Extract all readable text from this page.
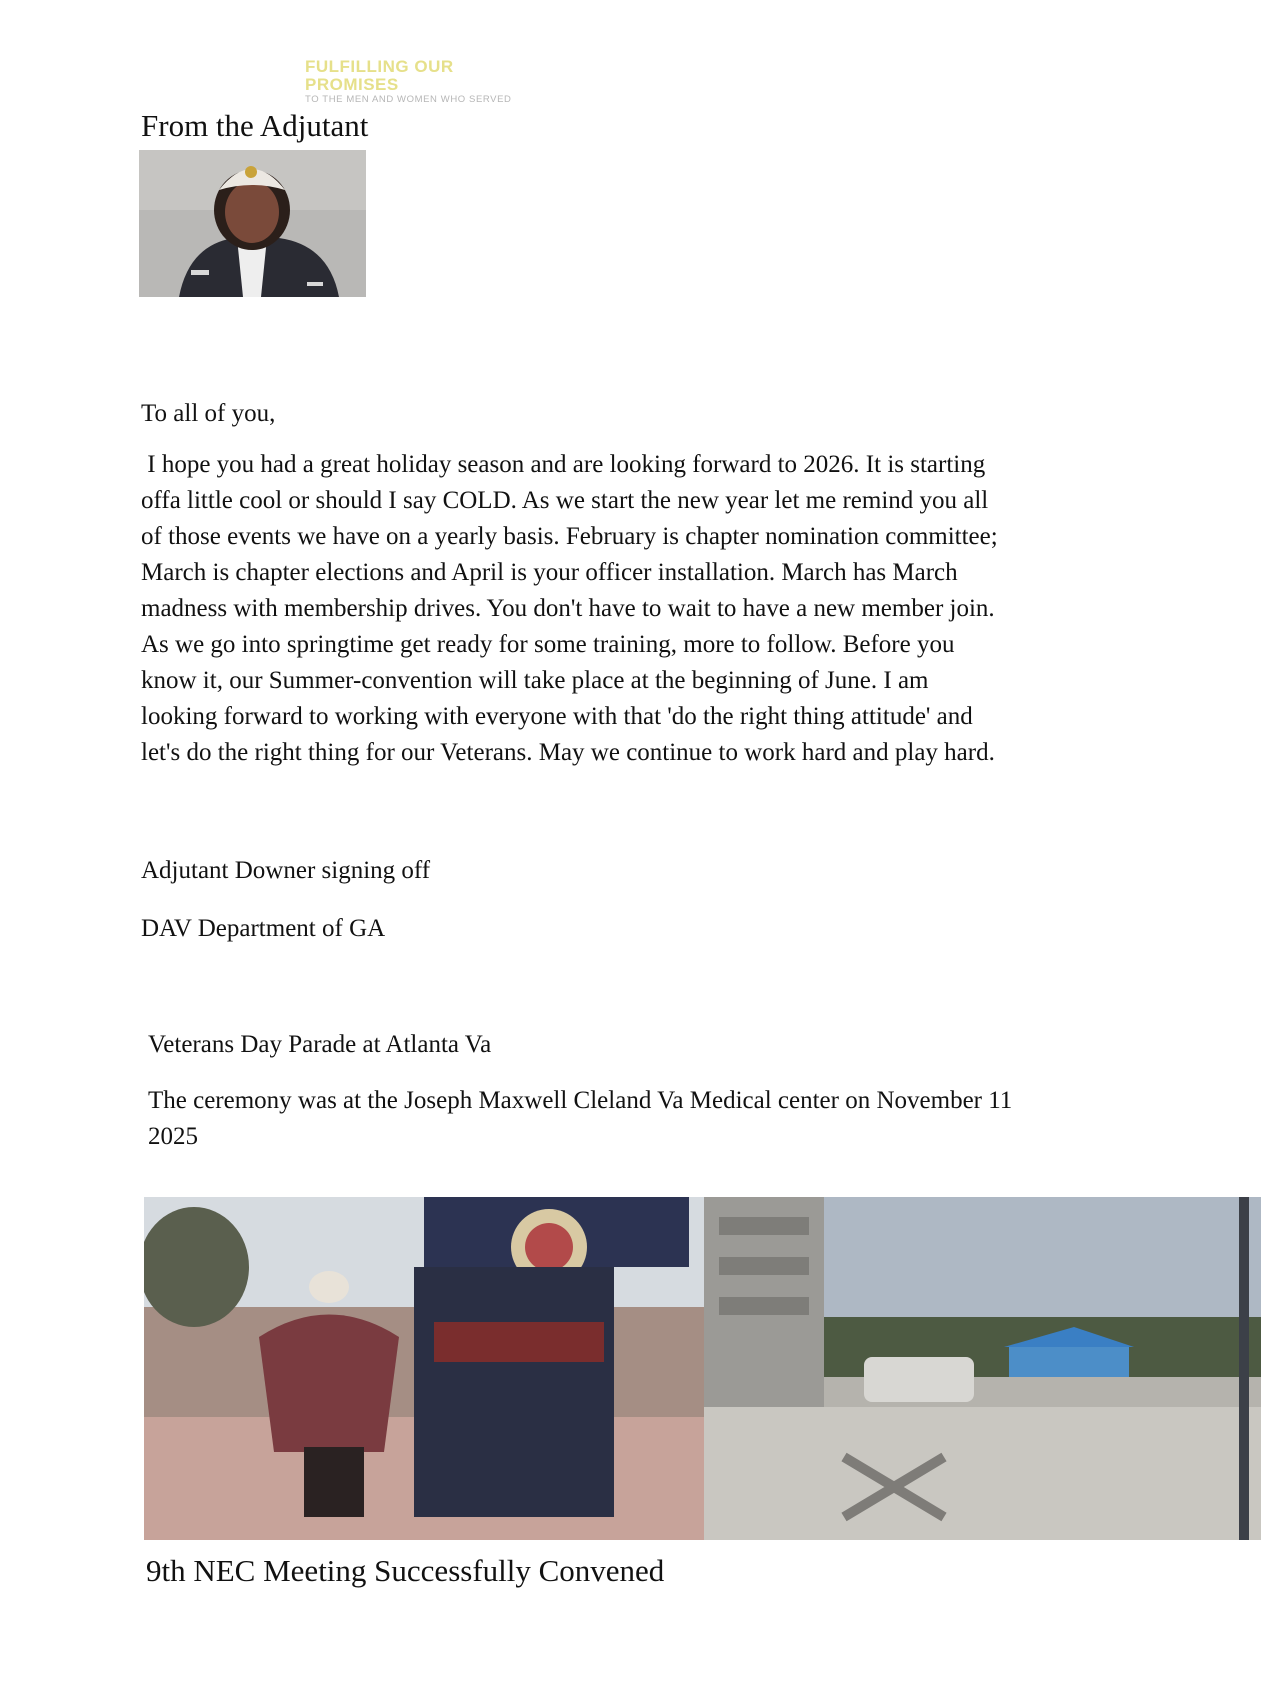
FULFILLING OUR PROMISES
TO THE MEN AND WOMEN WHO SERVED
From the Adjutant
To all of you,
I hope you had a great holiday season and are looking forward to 2026. It is starting
offa little cool or should I say COLD. As we start the new year let me remind you all
of those events we have on a yearly basis. February is chapter nomination committee;
March is chapter elections and April is your officer installation. March has March
madness with membership drives. You don't have to wait to have a new member join.
As we go into springtime get ready for some training, more to follow. Before you
know it, our Summer-convention will take place at the beginning of June. I am
looking forward to working with everyone with that 'do the right thing attitude' and
let's do the right thing for our Veterans. May we continue to work hard and play hard.
Adjutant Downer signing off
DAV Department of GA
Veterans Day Parade at Atlanta Va
The ceremony was at the Joseph Maxwell Cleland Va Medical center on November 11
2025
9th NEC Meeting Successfully Convened
